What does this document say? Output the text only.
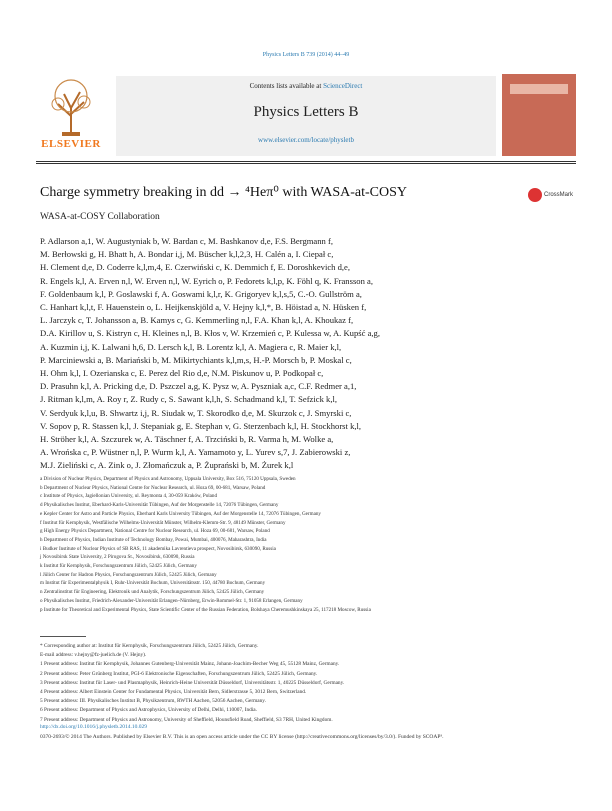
Physics Letters B 739 (2014) 44–49
ELSEVIER
Contents lists available at ScienceDirect
Physics Letters B
www.elsevier.com/locate/physletb
Charge symmetry breaking in dd → ⁴Heπ⁰ with WASA-at-COSY	CrossMark
WASA-at-COSY Collaboration
P. Adlarson a,1, W. Augustyniak b, W. Bardan c, M. Bashkanov d,e, F.S. Bergmann f,
M. Berłowski g, H. Bhatt h, A. Bondar i,j, M. Büscher k,l,2,3, H. Calén a, I. Ciepał c,
H. Clement d,e, D. Coderre k,l,m,4, E. Czerwiński c, K. Demmich f, E. Doroshkevich d,e,
R. Engels k,l, A. Erven n,l, W. Erven n,l, W. Eyrich o, P. Fedorets k,l,p, K. Föhl q, K. Fransson a,
F. Goldenbaum k,l, P. Goslawski f, A. Goswami k,l,r, K. Grigoryev k,l,s,5, C.-O. Gullström a,
C. Hanhart k,l,t, F. Hauenstein o, L. Heijkenskjöld a, V. Hejny k,l,*, B. Höistad a, N. Hüsken f,
L. Jarczyk c, T. Johansson a, B. Kamys c, G. Kemmerling n,l, F.A. Khan k,l, A. Khoukaz f,
D.A. Kirillov u, S. Kistryn c, H. Kleines n,l, B. Kłos v, W. Krzemień c, P. Kulessa w, A. Kupść a,g,
A. Kuzmin i,j, K. Lalwani h,6, D. Lersch k,l, B. Lorentz k,l, A. Magiera c, R. Maier k,l,
P. Marciniewski a, B. Mariański b, M. Mikirtychiants k,l,m,s, H.-P. Morsch b, P. Moskal c,
H. Ohm k,l, I. Ozerianska c, E. Perez del Rio d,e, N.M. Piskunov u, P. Podkopał c,
D. Prasuhn k,l, A. Pricking d,e, D. Pszczel a,g, K. Pysz w, A. Pyszniak a,c, C.F. Redmer a,1,
J. Ritman k,l,m, A. Roy r, Z. Rudy c, S. Sawant k,l,h, S. Schadmand k,l, T. Sefzick k,l,
V. Serdyuk k,l,u, B. Shwartz i,j, R. Siudak w, T. Skorodko d,e, M. Skurzok c, J. Smyrski c,
V. Sopov p, R. Stassen k,l, J. Stepaniak g, E. Stephan v, G. Sterzenbach k,l, H. Stockhorst k,l,
H. Ströher k,l, A. Szczurek w, A. Täschner f, A. Trzciński b, R. Varma h, M. Wolke a,
A. Wrońska c, P. Wüstner n,l, P. Wurm k,l, A. Yamamoto y, L. Yurev s,7, J. Zabierowski z,
M.J. Zieliński c, A. Zink o, J. Złomańczuk a, P. Żuprański b, M. Żurek k,l
a Division of Nuclear Physics, Department of Physics and Astronomy, Uppsala University, Box 516, 75120 Uppsala, Sweden
b Department of Nuclear Physics, National Centre for Nuclear Research, ul. Hoza 69, 00-681, Warsaw, Poland
c Institute of Physics, Jagiellonian University, ul. Reymonta 4, 30-059 Kraków, Poland
d Physikalisches Institut, Eberhard-Karls-Universität Tübingen, Auf der Morgenstelle 14, 72076 Tübingen, Germany
e Kepler Center for Astro and Particle Physics, Eberhard Karls University Tübingen, Auf der Morgenstelle 14, 72076 Tübingen, Germany
f Institut für Kernphysik, Westfälische Wilhelms-Universität Münster, Wilhelm-Klemm-Str. 9, 48149 Münster, Germany
g High Energy Physics Department, National Centre for Nuclear Research, ul. Hoza 69, 00-681, Warsaw, Poland
h Department of Physics, Indian Institute of Technology Bombay, Powai, Mumbai, 400076, Maharashtra, India
i Budker Institute of Nuclear Physics of SB RAS, 11 akademika Lavrentieva prospect, Novosibirsk, 630090, Russia
j Novosibirsk State University, 2 Pirogova St., Novosibirsk, 630090, Russia
k Institut für Kernphysik, Forschungszentrum Jülich, 52425 Jülich, Germany
l Jülich Center for Hadron Physics, Forschungszentrum Jülich, 52425 Jülich, Germany
m Institut für Experimentalphysik I, Ruhr-Universität Bochum, Universitätsstr. 150, 44780 Bochum, Germany
n Zentralinstitut für Engineering, Elektronik und Analytik, Forschungszentrum Jülich, 52425 Jülich, Germany
o Physikalisches Institut, Friedrich-Alexander-Universität Erlangen–Nürnberg, Erwin-Rommel-Str. 1, 91058 Erlangen, Germany
p Institute for Theoretical and Experimental Physics, State Scientific Center of the Russian Federation, Bolshaya Cheremushkinskaya 25, 117218 Moscow, Russia
* Corresponding author at: Institut für Kernphysik, Forschungszentrum Jülich, 52425 Jülich, Germany.
E-mail address: v.hejny@fz-juelich.de (V. Hejny).
1 Present address: Institut für Kernphysik, Johannes Gutenberg-Universität Mainz, Johann-Joachim-Becher Weg 45, 55128 Mainz, Germany.
2 Present address: Peter Grünberg Institut, PGI-6 Elektronische Eigenschaften, Forschungszentrum Jülich, 52425 Jülich, Germany.
3 Present address: Institut für Laser- und Plasmaphysik, Heinrich-Heine Universität Düsseldorf, Universitätsstr. 1, 40225 Düsseldorf, Germany.
4 Present address: Albert Einstein Center for Fundamental Physics, Universität Bern, Sidlerstrasse 5, 3012 Bern, Switzerland.
5 Present address: III. Physikalisches Institut B, Physikzentrum, RWTH Aachen, 52056 Aachen, Germany.
6 Present address: Department of Physics and Astrophysics, University of Delhi, Delhi, 110007, India.
7 Present address: Department of Physics and Astronomy, University of Sheffield, Hounsfield Road, Sheffield, S3 7RH, United Kingdom.
http://dx.doi.org/10.1016/j.physletb.2014.10.029
0370-2693/© 2014 The Authors. Published by Elsevier B.V. This is an open access article under the CC BY license (http://creativecommons.org/licenses/by/3.0/). Funded by SCOAP³.
